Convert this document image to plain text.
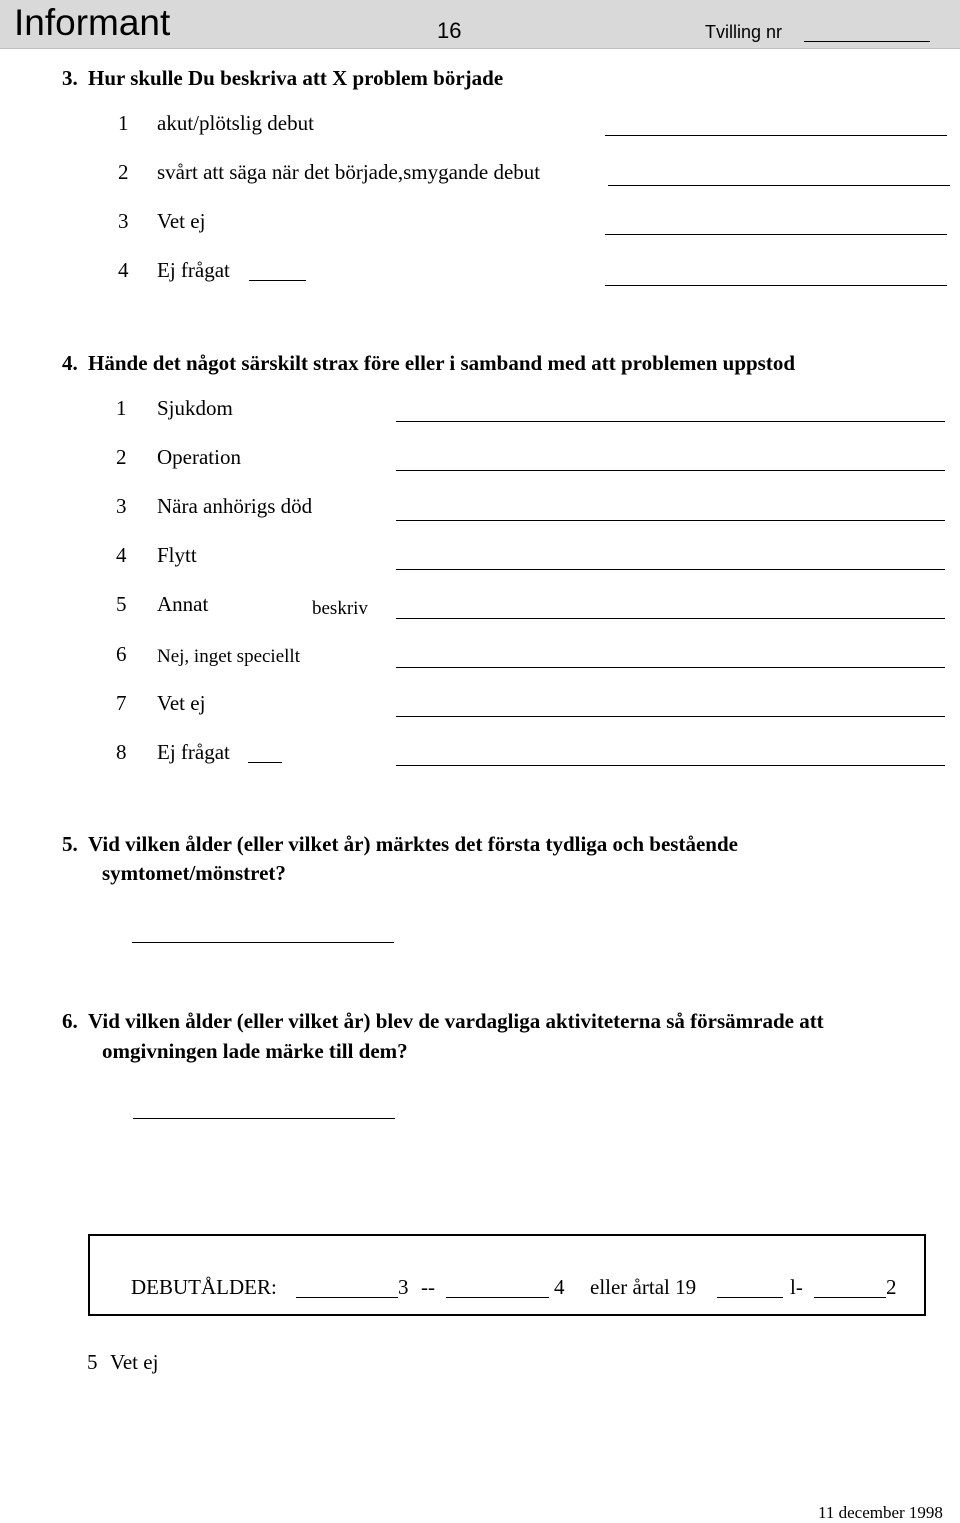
Informant	16	Tvilling nr
3. Hur skulle Du beskriva att X problem började
1 akut/plötslig debut
2 svårt att säga när det började,smygande debut
3 Vet ej
4 Ej frågat
4. Hände det något särskilt strax före eller i samband med att problemen uppstod
1 Sjukdom
2 Operation
3 Nära anhörigs död
4 Flytt
5 Annat	beskriv
6 Nej, inget speciellt
7 Vet ej
8 Ej frågat
5. Vid vilken ålder (eller vilket år) märktes det första tydliga och bestående
symtomet/mönstret?
6. Vid vilken ålder (eller vilket år) blev de vardagliga aktiviteterna så försämrade att
omgivningen lade märke till dem?
DEBUTÅLDER:	3 --	4 eller årtal 19	l-	2
5 Vet ej
11 december 1998
